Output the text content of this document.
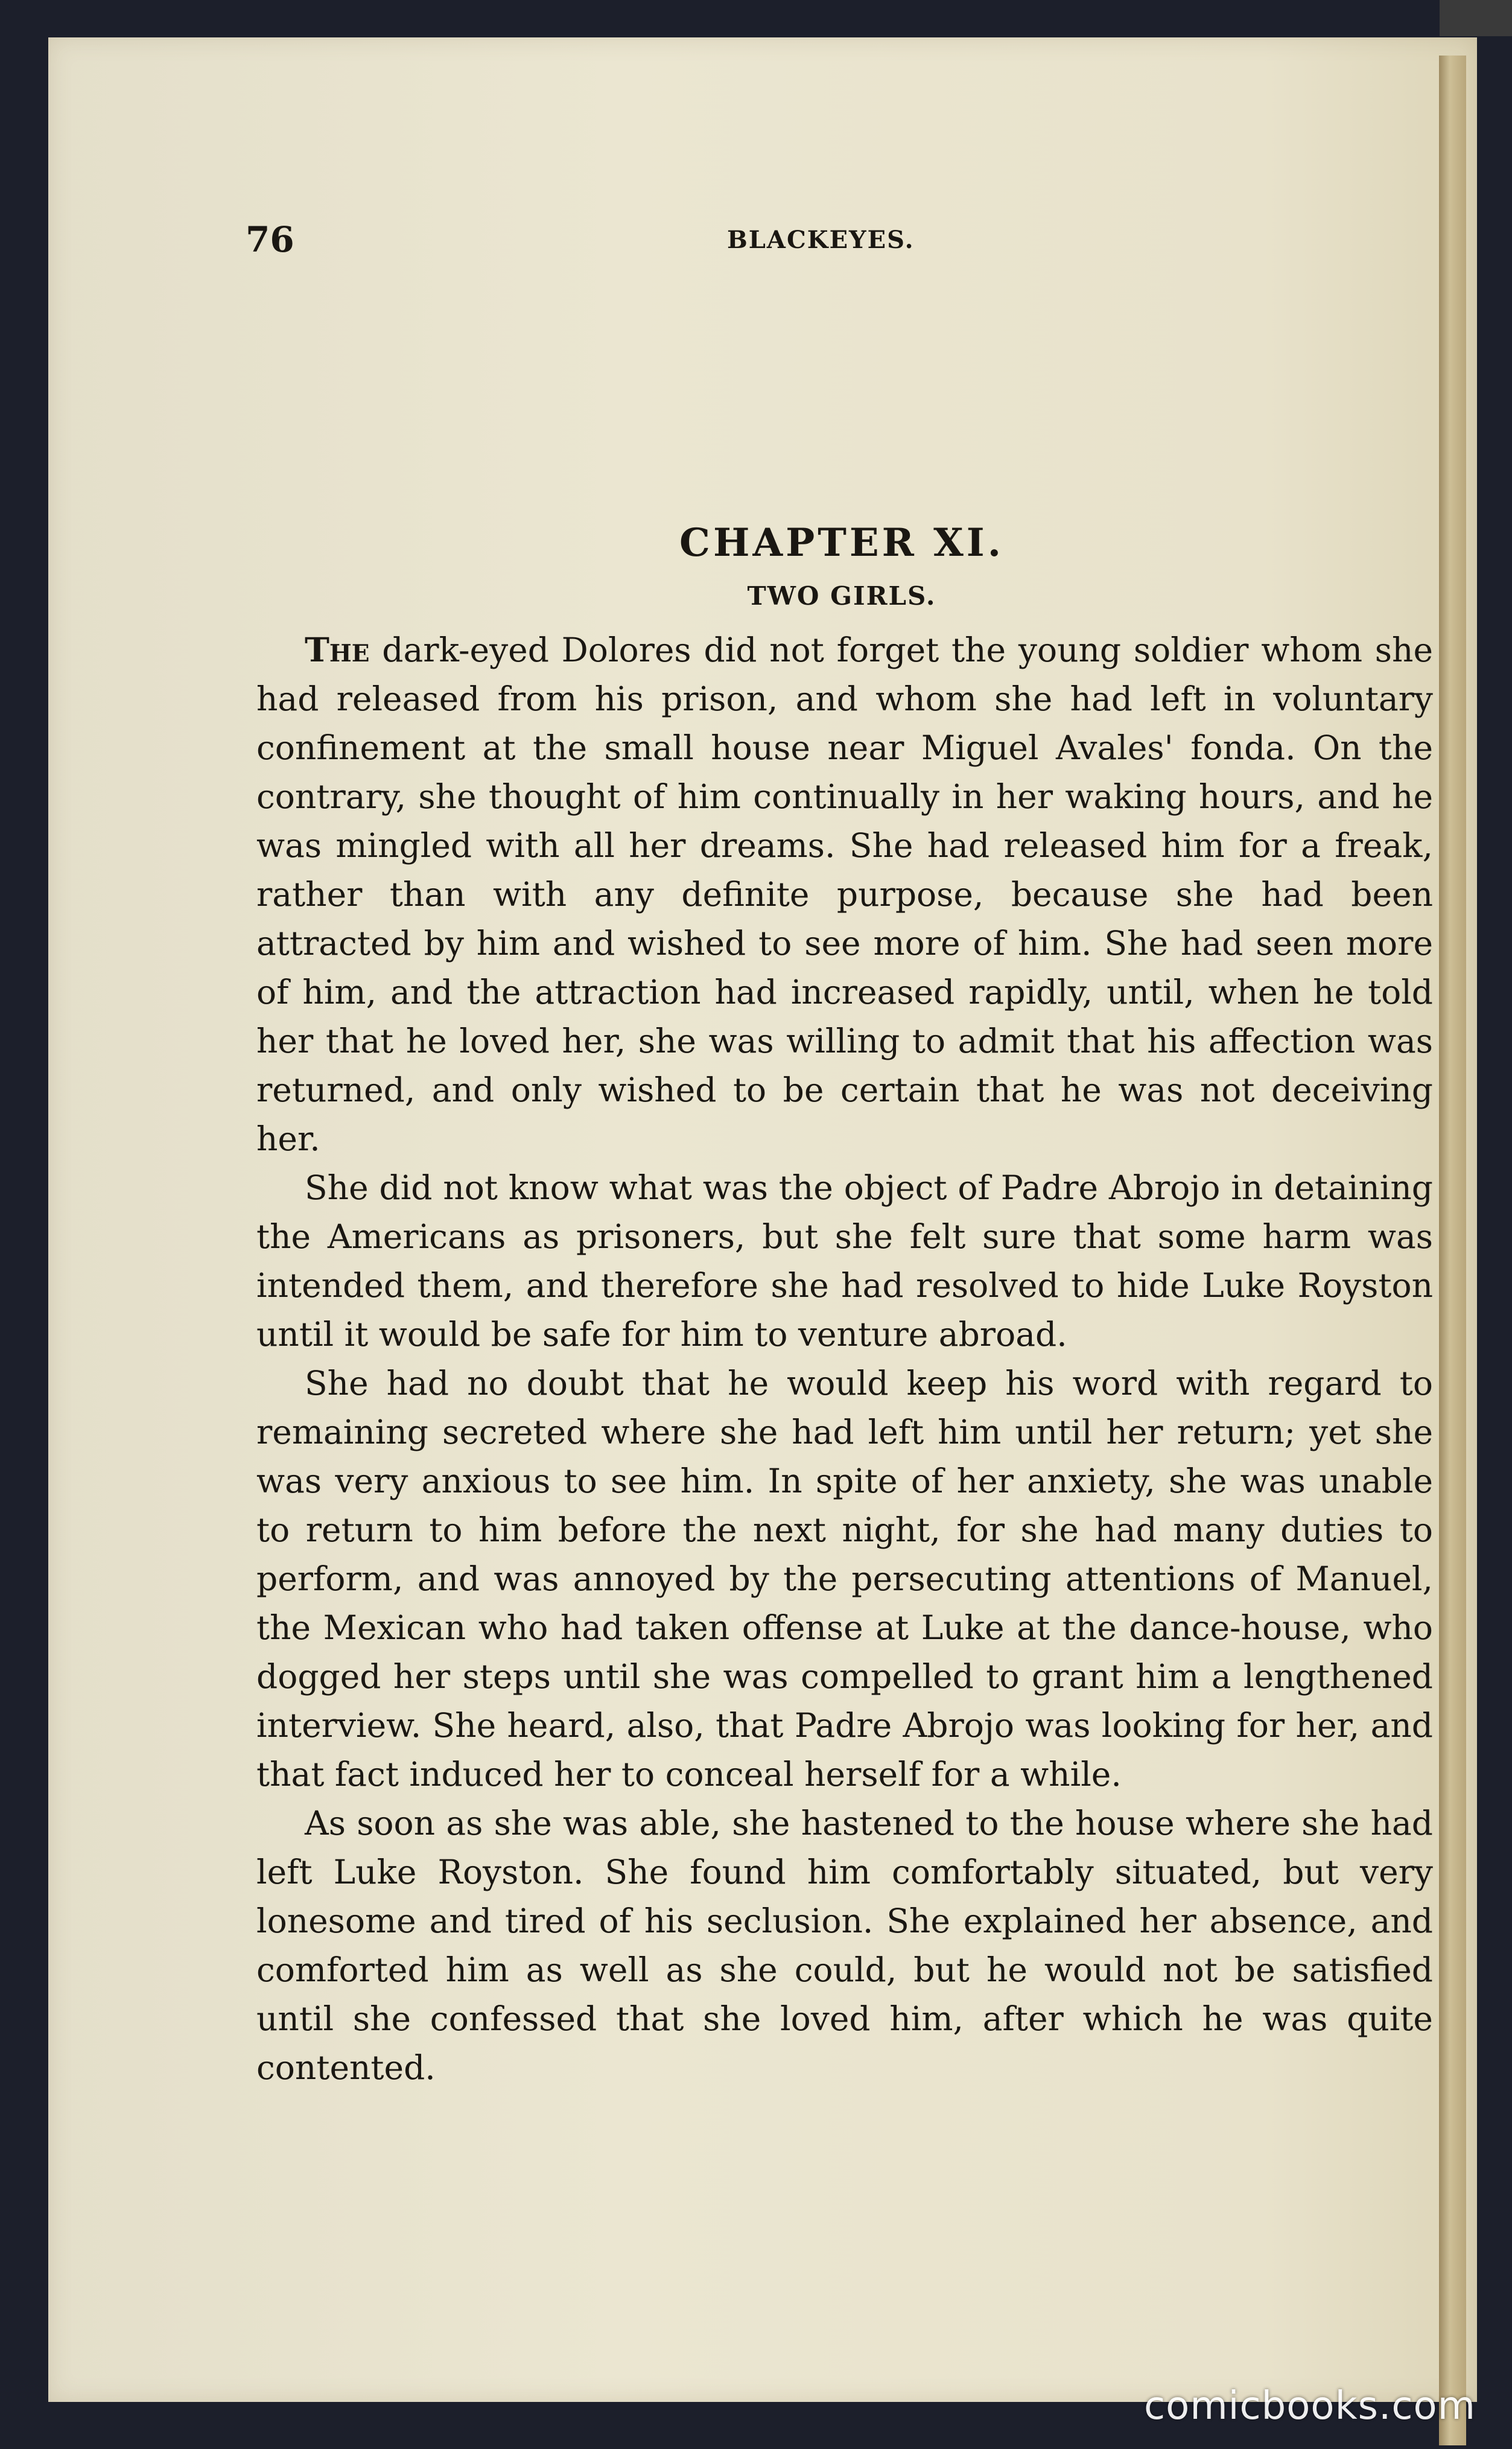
76	BLACKEYES.
CHAPTER XI.
TWO GIRLS.

The dark-eyed Dolores did not forget the young soldier whom she had released from his prison, and whom she had left in voluntary confinement at the small house near Miguel Avales' fonda. On the contrary, she thought of him continually in her waking hours, and he was mingled with all her dreams. She had released him for a freak, rather than with any definite purpose, because she had been attracted by him and wished to see more of him. She had seen more of him, and the attraction had increased rapidly, until, when he told her that he loved her, she was willing to admit that his affection was returned, and only wished to be certain that he was not deceiving her.

She did not know what was the object of Padre Abrojo in detaining the Americans as prisoners, but she felt sure that some harm was intended them, and therefore she had resolved to hide Luke Royston until it would be safe for him to venture abroad.

She had no doubt that he would keep his word with regard to remaining secreted where she had left him until her return; yet she was very anxious to see him. In spite of her anxiety, she was unable to return to him before the next night, for she had many duties to perform, and was annoyed by the persecuting attentions of Manuel, the Mexican who had taken offense at Luke at the dance-house, who dogged her steps until she was compelled to grant him a lengthened interview. She heard, also, that Padre Abrojo was looking for her, and that fact induced her to conceal herself for a while.

As soon as she was able, she hastened to the house where she had left Luke Royston. She found him comfortably situated, but very lonesome and tired of his seclusion. She explained her absence, and comforted him as well as she could, but he would not be satisfied until she confessed that she loved him, after which he was quite contented.

comicbooks.com
